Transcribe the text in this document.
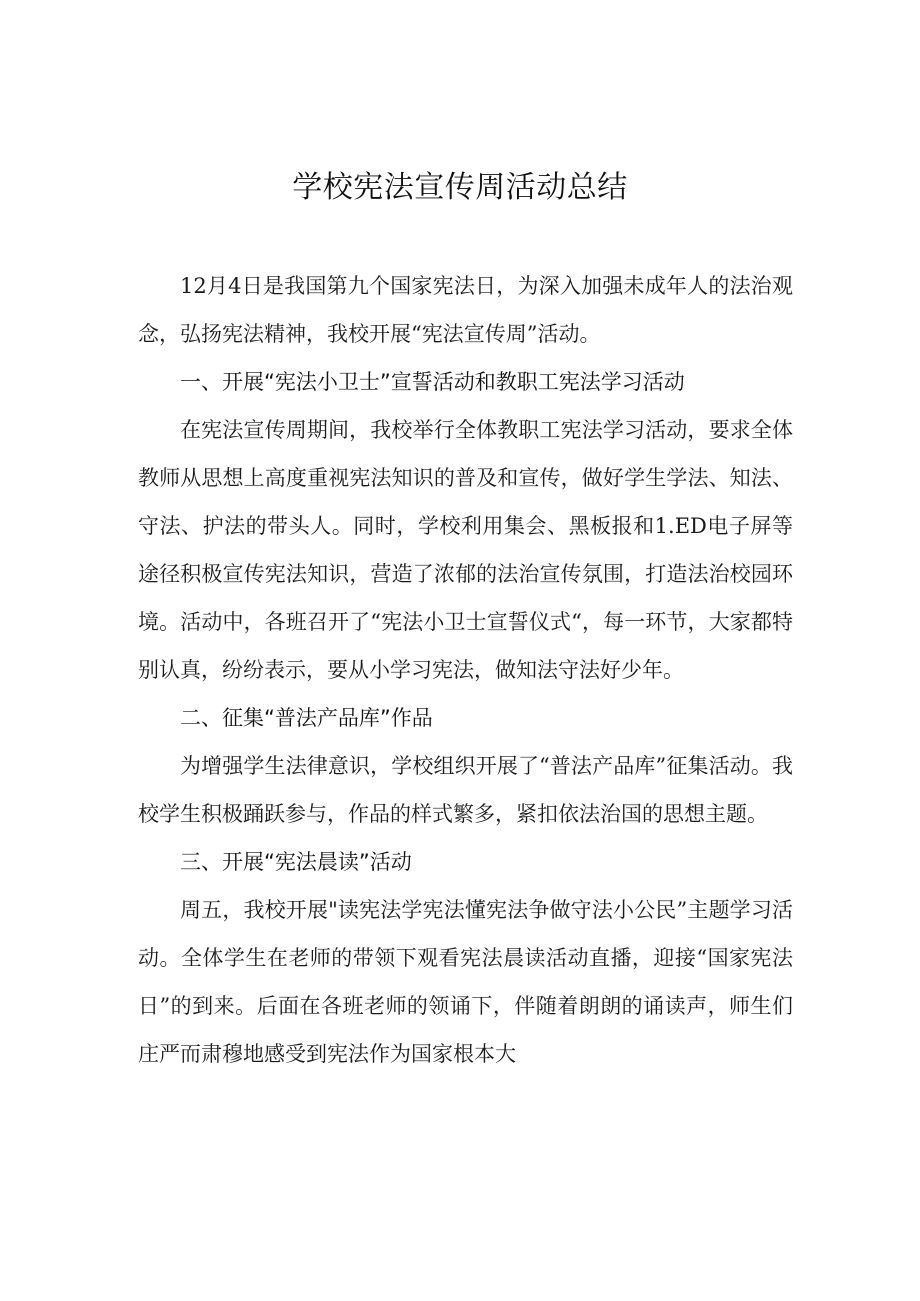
学校宪法宣传周活动总结

12月4日是我国第九个国家宪法日，为深入加强未成年人的法治观念，弘扬宪法精神，我校开展“宪法宣传周”活动。

一、开展“宪法小卫士”宣誓活动和教职工宪法学习活动

在宪法宣传周期间，我校举行全体教职工宪法学习活动，要求全体教师从思想上高度重视宪法知识的普及和宣传，做好学生学法、知法、守法、护法的带头人。同时，学校利用集会、黑板报和1.ED电子屏等途径积极宣传宪法知识，营造了浓郁的法治宣传氛围，打造法治校园环境。活动中，各班召开了“宪法小卫士宣誓仪式“，每一环节，大家都特别认真，纷纷表示，要从小学习宪法，做知法守法好少年。

二、征集“普法产品库”作品

为增强学生法律意识，学校组织开展了“普法产品库”征集活动。我校学生积极踊跃参与，作品的样式繁多，紧扣依法治国的思想主题。

三、开展“宪法晨读”活动

周五，我校开展"读宪法学宪法懂宪法争做守法小公民”主题学习活动。全体学生在老师的带领下观看宪法晨读活动直播，迎接“国家宪法日”的到来。后面在各班老师的领诵下，伴随着朗朗的诵读声，师生们庄严而肃穆地感受到宪法作为国家根本大
